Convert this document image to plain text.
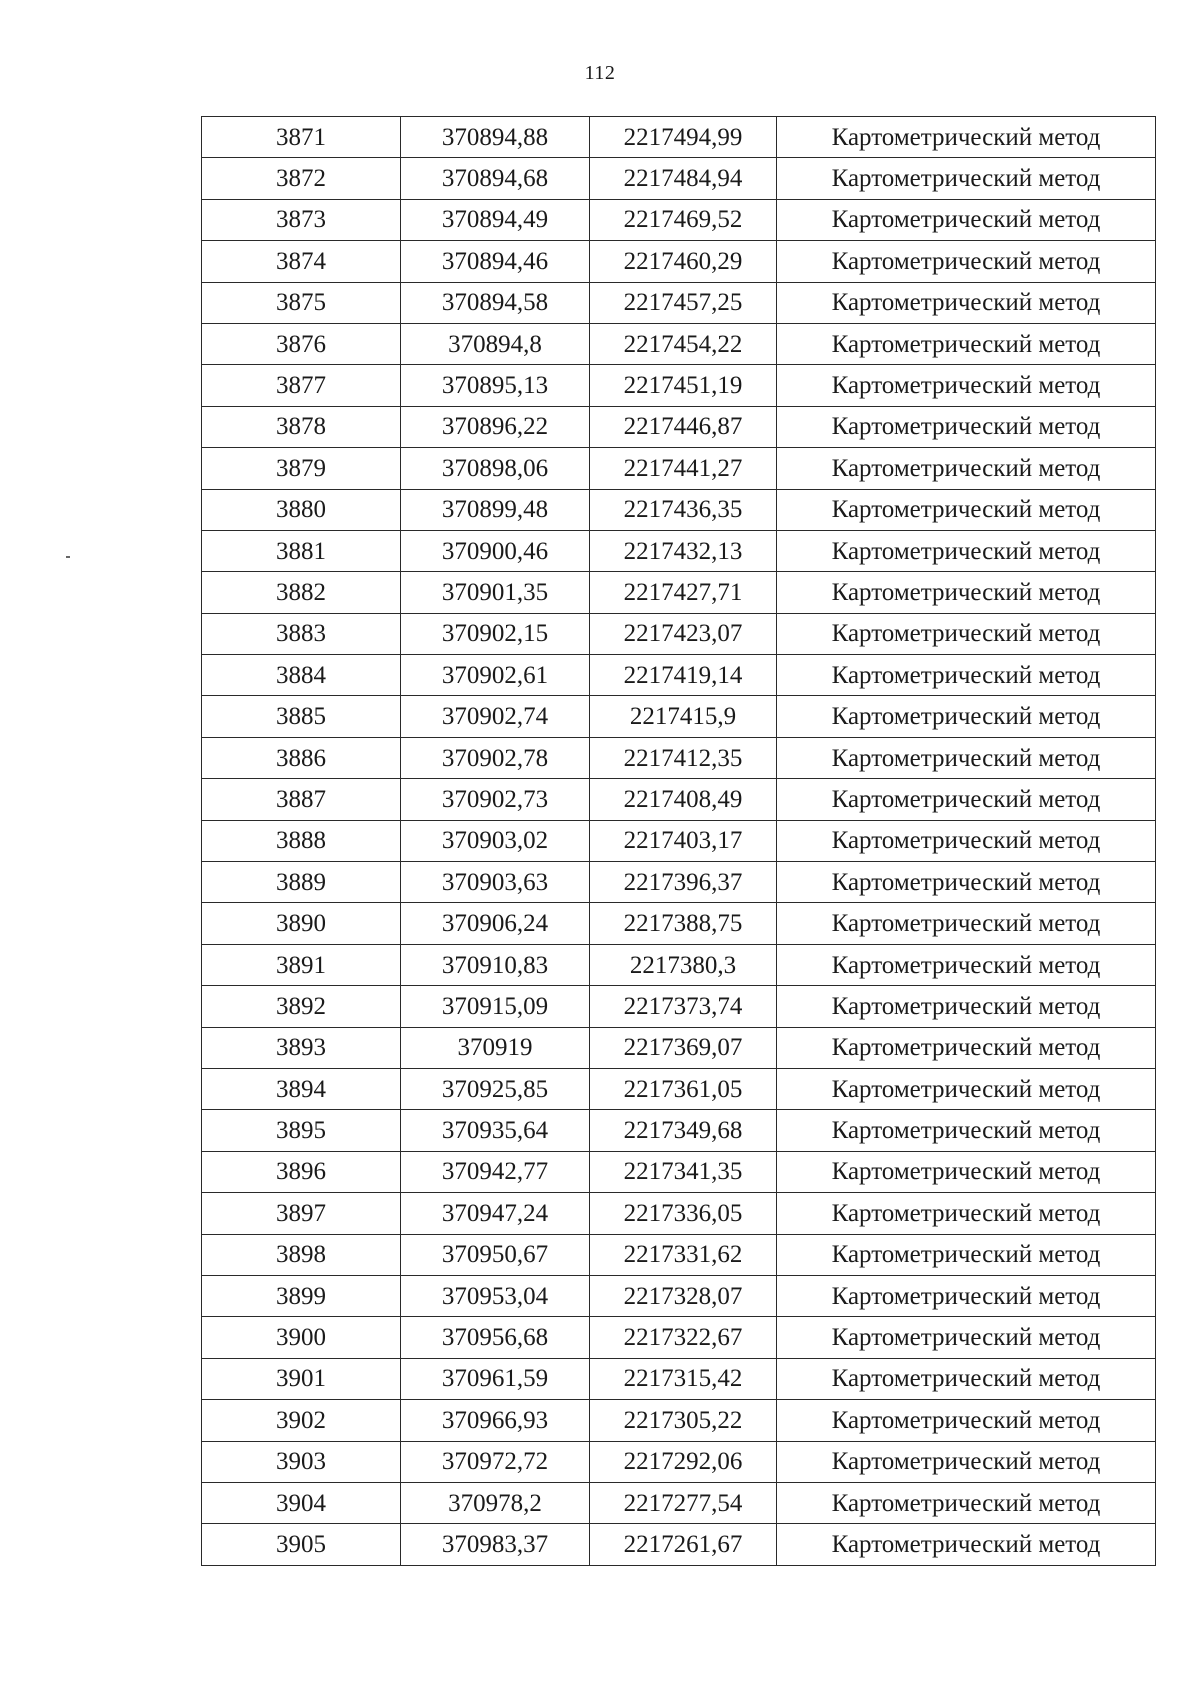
112
3871	370894,88	2217494,99	Картометрический метод
3872	370894,68	2217484,94	Картометрический метод
3873	370894,49	2217469,52	Картометрический метод
3874	370894,46	2217460,29	Картометрический метод
3875	370894,58	2217457,25	Картометрический метод
3876	370894,8	2217454,22	Картометрический метод
3877	370895,13	2217451,19	Картометрический метод
3878	370896,22	2217446,87	Картометрический метод
3879	370898,06	2217441,27	Картометрический метод
3880	370899,48	2217436,35	Картометрический метод
3881	370900,46	2217432,13	Картометрический метод
3882	370901,35	2217427,71	Картометрический метод
3883	370902,15	2217423,07	Картометрический метод
3884	370902,61	2217419,14	Картометрический метод
3885	370902,74	2217415,9	Картометрический метод
3886	370902,78	2217412,35	Картометрический метод
3887	370902,73	2217408,49	Картометрический метод
3888	370903,02	2217403,17	Картометрический метод
3889	370903,63	2217396,37	Картометрический метод
3890	370906,24	2217388,75	Картометрический метод
3891	370910,83	2217380,3	Картометрический метод
3892	370915,09	2217373,74	Картометрический метод
3893	370919	2217369,07	Картометрический метод
3894	370925,85	2217361,05	Картометрический метод
3895	370935,64	2217349,68	Картометрический метод
3896	370942,77	2217341,35	Картометрический метод
3897	370947,24	2217336,05	Картометрический метод
3898	370950,67	2217331,62	Картометрический метод
3899	370953,04	2217328,07	Картометрический метод
3900	370956,68	2217322,67	Картометрический метод
3901	370961,59	2217315,42	Картометрический метод
3902	370966,93	2217305,22	Картометрический метод
3903	370972,72	2217292,06	Картометрический метод
3904	370978,2	2217277,54	Картометрический метод
3905	370983,37	2217261,67	Картометрический метод
